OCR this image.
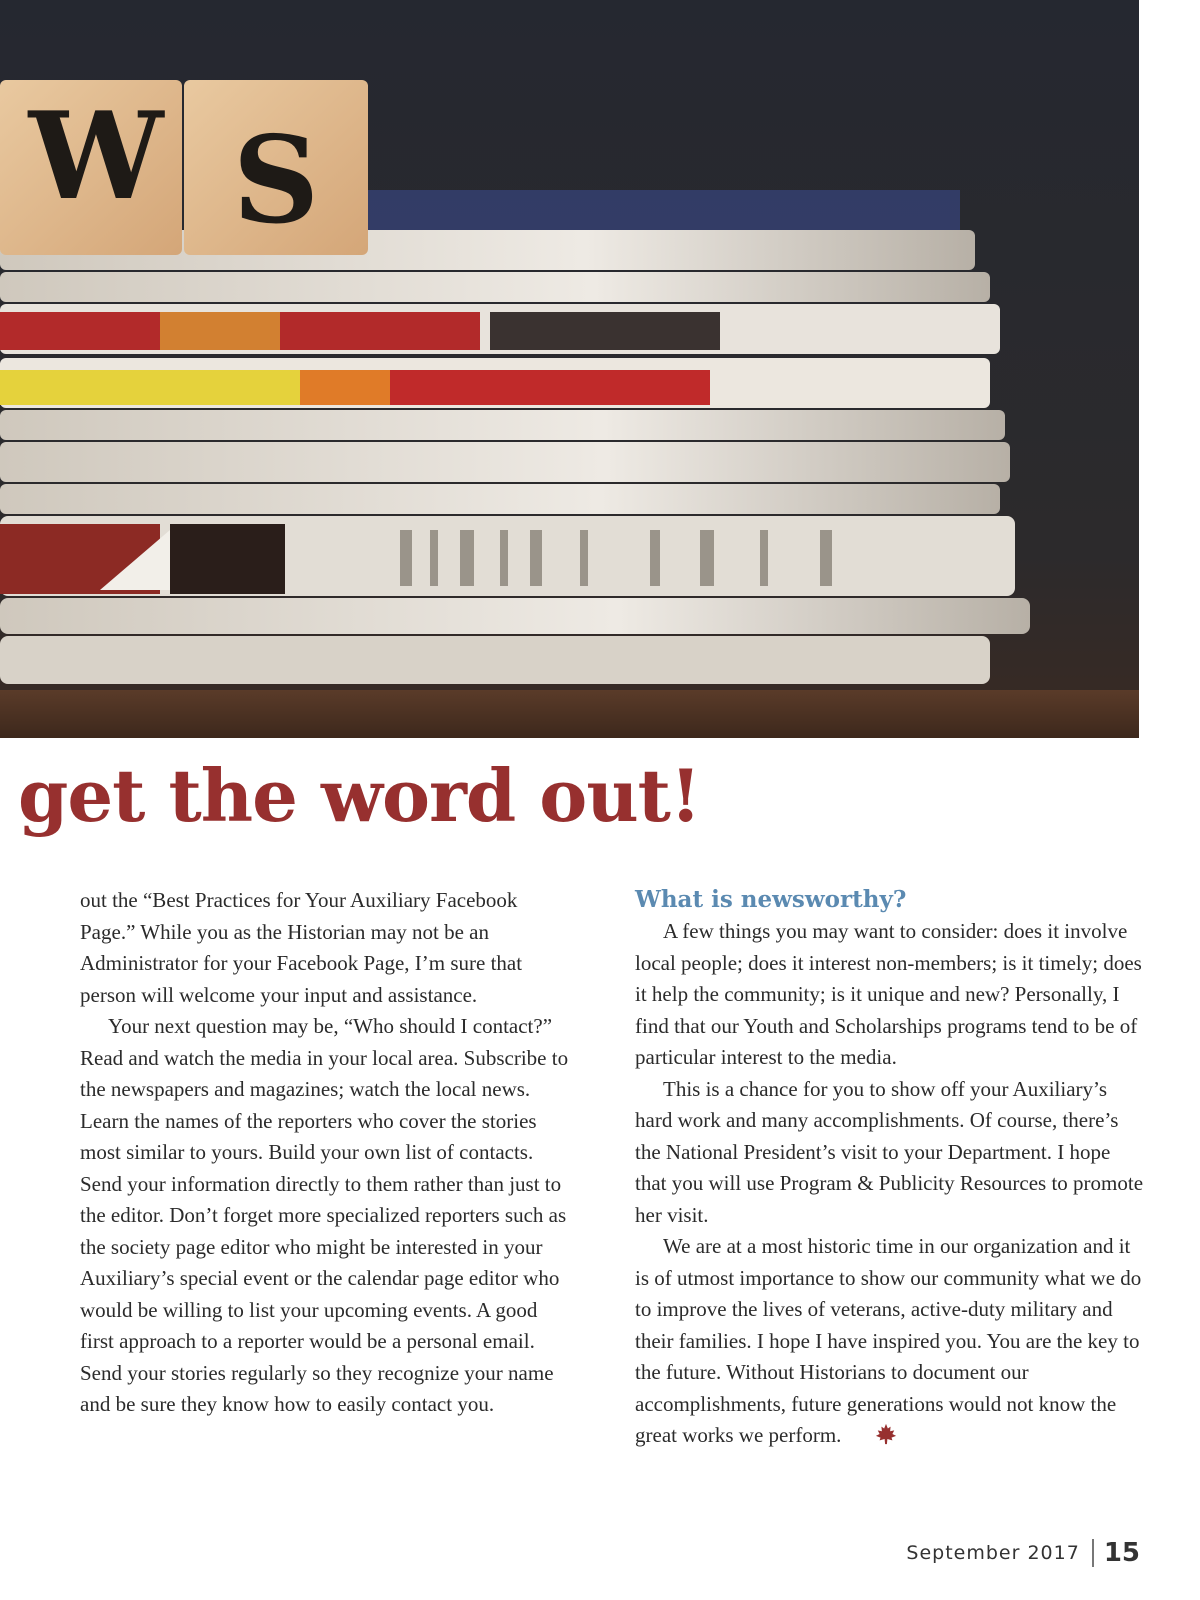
W S
get the word out!

out the “Best Practices for Your Auxiliary Facebook Page.” While you as the Historian may not be an Administrator for your Facebook Page, I’m sure that person will welcome your input and assistance.

Your next question may be, “Who should I contact?” Read and watch the media in your local area. Subscribe to the newspapers and magazines; watch the local news. Learn the names of the reporters who cover the stories most similar to yours. Build your own list of contacts. Send your information directly to them rather than just to the editor. Don’t forget more specialized reporters such as the society page editor who might be interested in your Auxiliary’s special event or the calendar page editor who would be willing to list your upcoming events. A good first approach to a reporter would be a personal email. Send your stories regularly so they recognize your name and be sure they know how to easily contact you.

What is newsworthy?

A few things you may want to consider: does it involve local people; does it interest non-members; is it timely; does it help the community; is it unique and new? Personally, I find that our Youth and Scholarships programs tend to be of particular interest to the media.

This is a chance for you to show off your Auxiliary’s hard work and many accomplishments. Of course, there’s the National President’s visit to your Department. I hope that you will use Program & Publicity Resources to promote her visit.

We are at a most historic time in our organization and it is of utmost importance to show our community what we do to improve the lives of veterans, active-duty military and their families. I hope I have inspired you. You are the key to the future. Without Historians to document our accomplishments, future generations would not know the great works we perform.

September 2017 15
